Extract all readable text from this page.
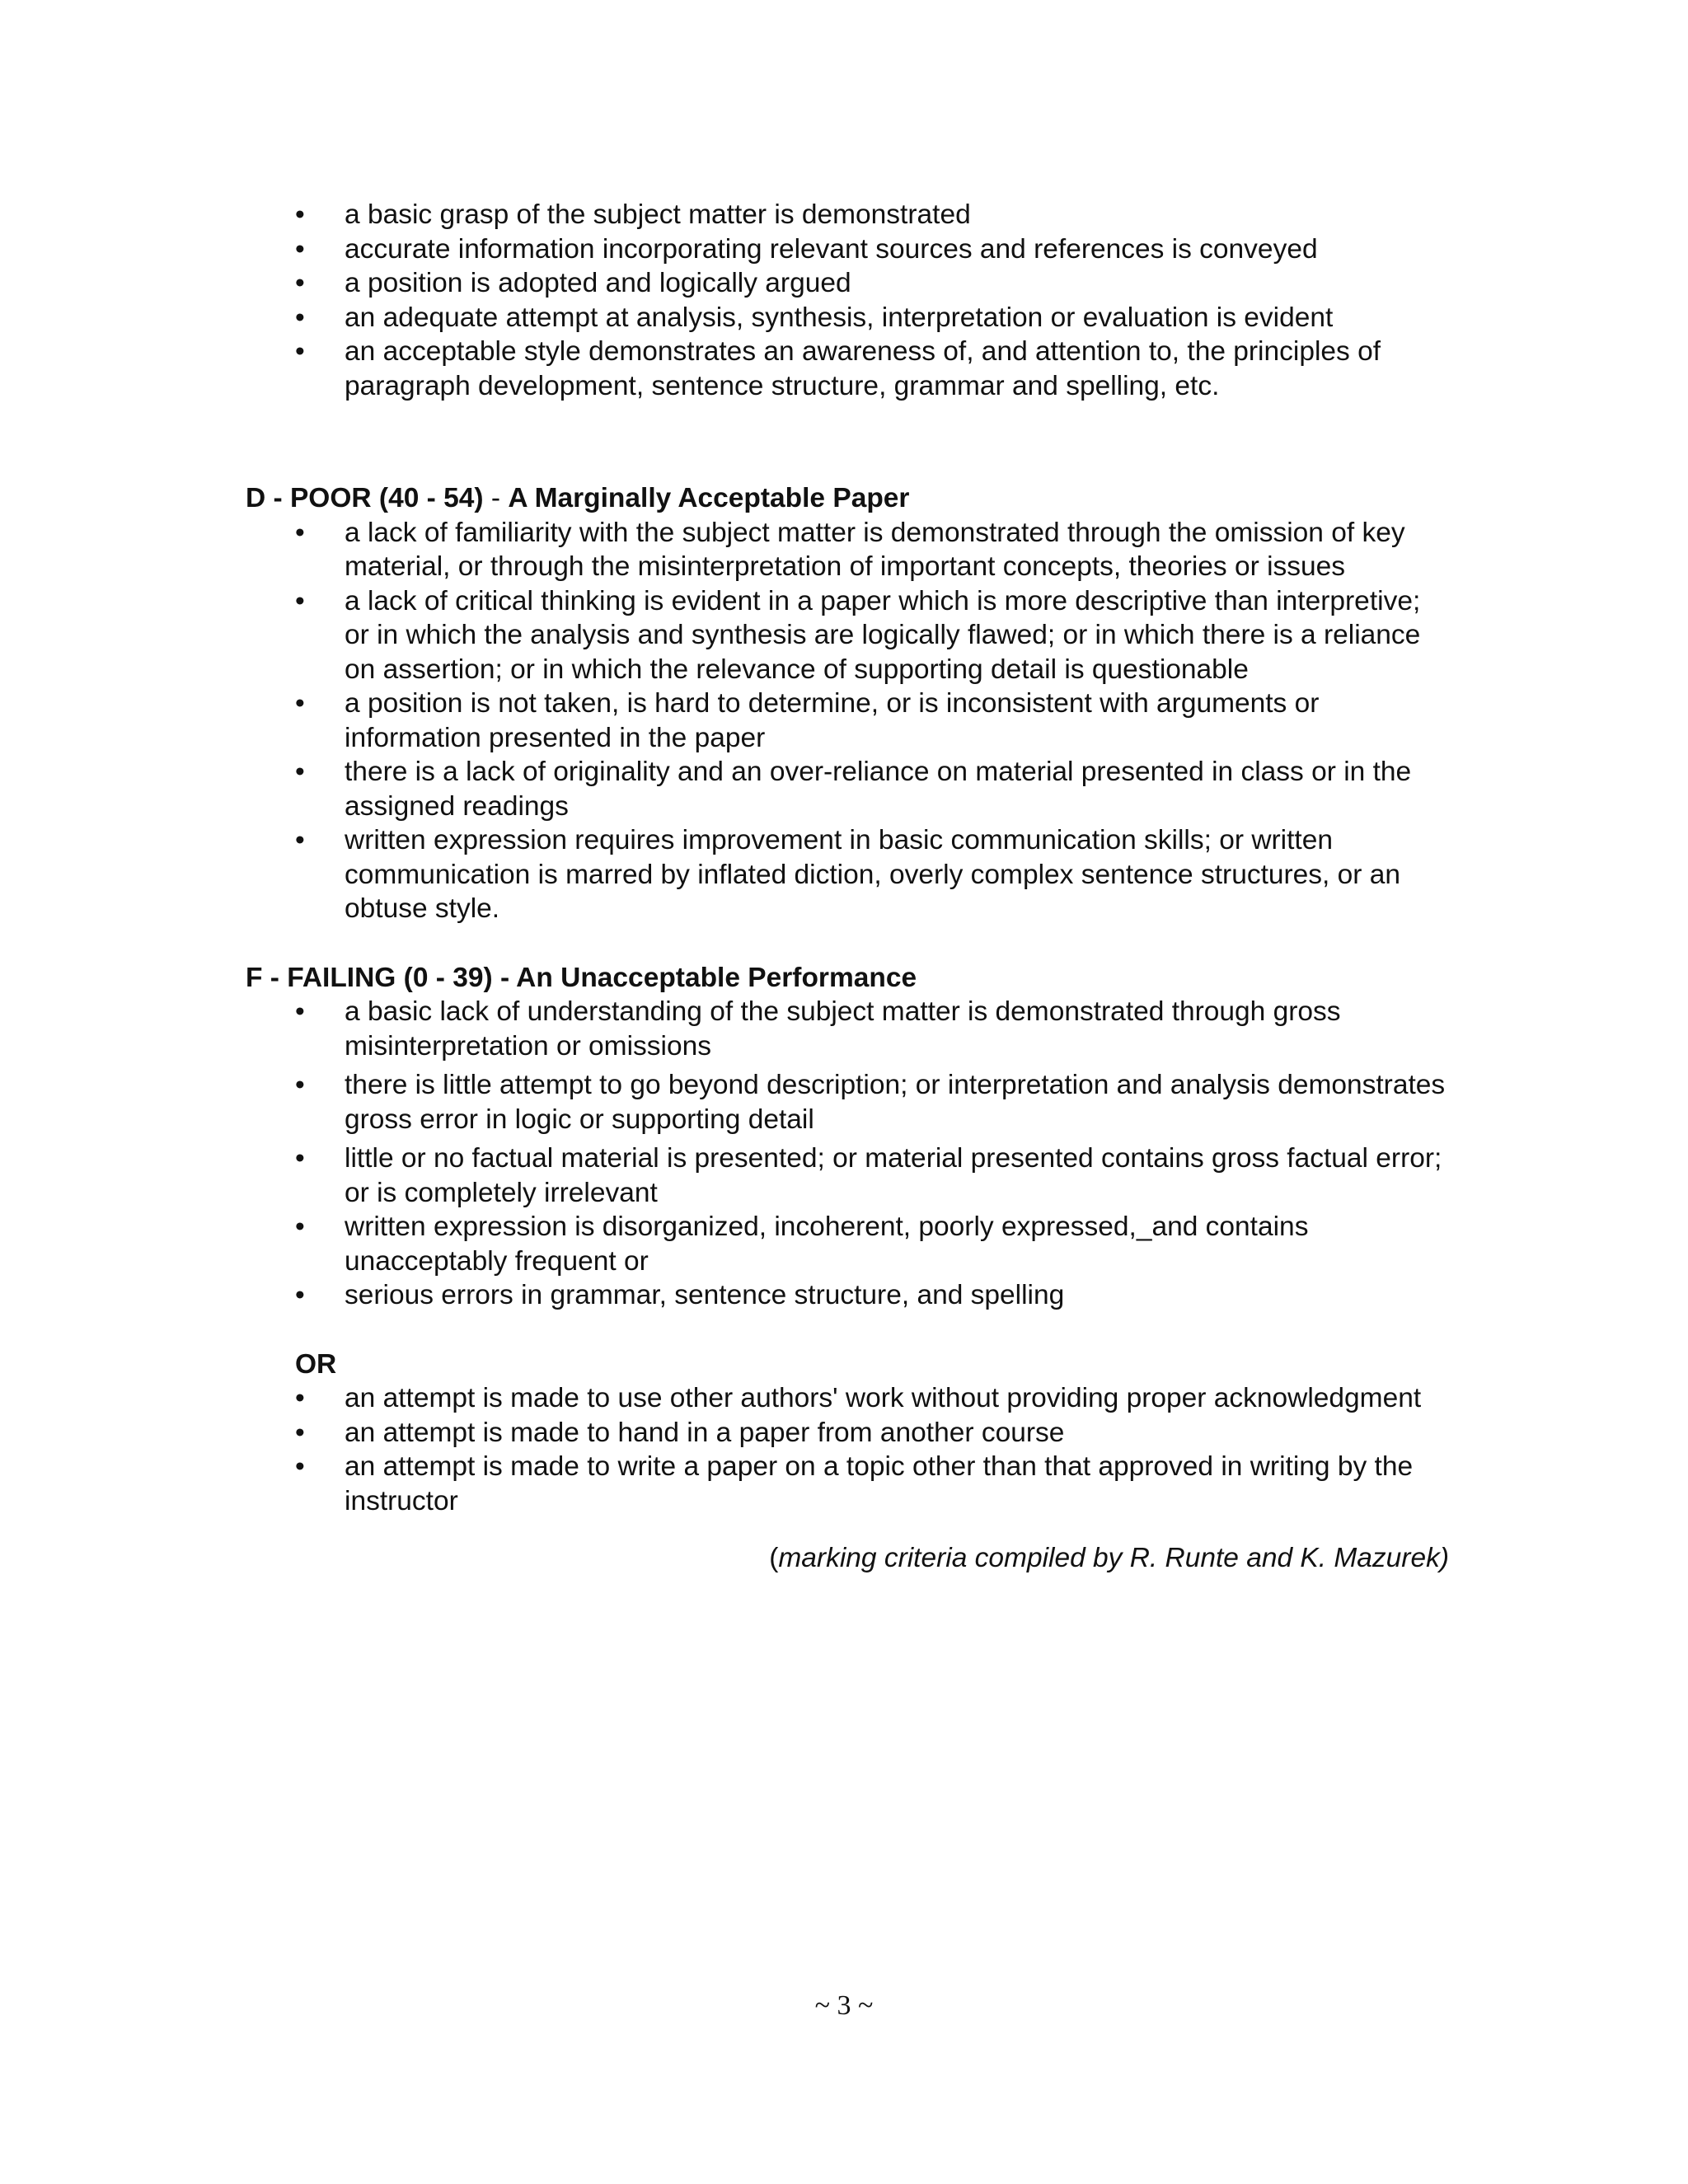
•	a basic grasp of the subject matter is demonstrated
•	accurate information incorporating relevant sources and references is conveyed
•	a position is adopted and logically argued
•	an adequate attempt at analysis, synthesis, interpretation or evaluation is evident
•	an acceptable style demonstrates an awareness of, and attention to, the principles of paragraph development, sentence structure, grammar and spelling, etc.

D - POOR (40 - 54) - A Marginally Acceptable Paper

•	a lack of familiarity with the subject matter is demonstrated through the omission of key material, or through the misinterpretation of important concepts, theories or issues
•	a lack of critical thinking is evident in a paper which is more descriptive than interpretive; or in which the analysis and synthesis are logically flawed; or in which there is a reliance on assertion; or in which the relevance of supporting detail is questionable
•	a position is not taken, is hard to determine, or is inconsistent with arguments or information presented in the paper
•	there is a lack of originality and an over-reliance on material presented in class or in the assigned readings
•	written expression requires improvement in basic communication skills; or written communication is marred by inflated diction, overly complex sentence structures, or an obtuse style.

F - FAILING (0 - 39) - An Unacceptable Performance

•	a basic lack of understanding of the subject matter is demonstrated through gross misinterpretation or omissions
•	there is little attempt to go beyond description; or interpretation and analysis demonstrates gross error in logic or supporting detail
•	little or no factual material is presented; or material presented contains gross factual error; or is completely irrelevant
•	written expression is disorganized, incoherent, poorly expressed,_and contains unacceptably frequent or
•	serious errors in grammar, sentence structure, and spelling

OR

•	an attempt is made to use other authors' work without providing proper acknowledgment
•	an attempt is made to hand in a paper from another course
•	an attempt is made to write a paper on a topic other than that approved in writing by the instructor
(marking criteria compiled by R. Runte and K. Mazurek)
~ 3 ~
